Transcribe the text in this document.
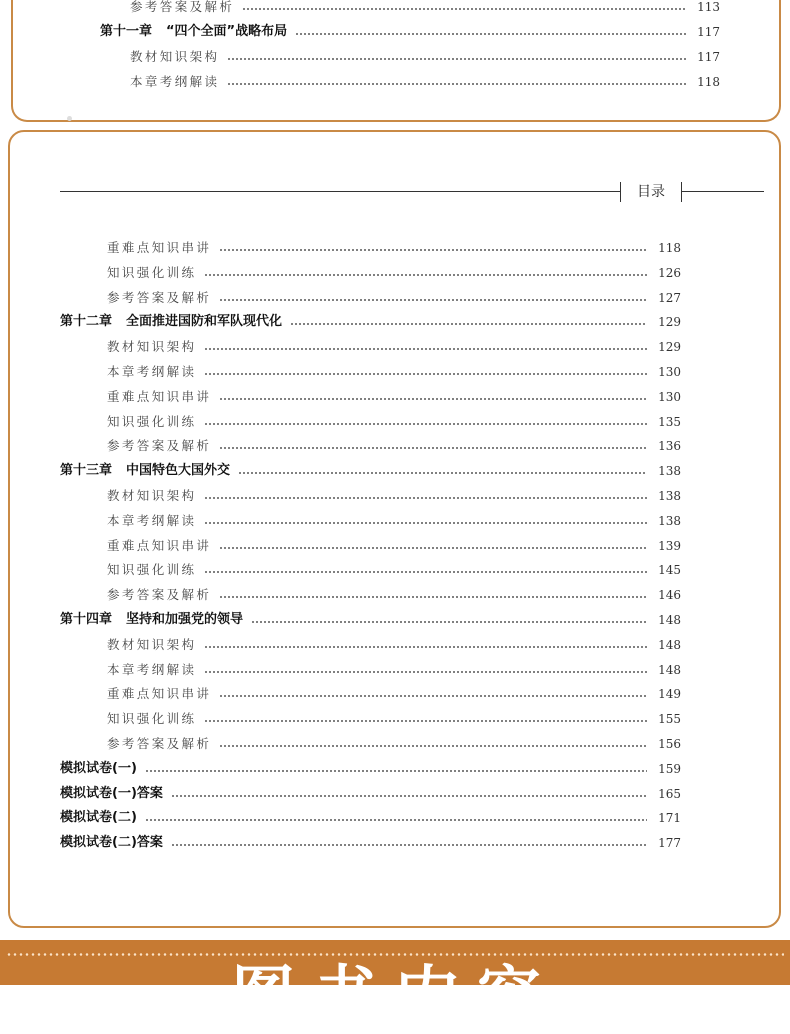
参考答案及解析	113
第十一章 “四个全面”战略布局	117
教材知识架构	117
本章考纲解读	118
目录
重难点知识串讲	118
知识强化训练	126
参考答案及解析	127
第十二章 全面推进国防和军队现代化	129
教材知识架构	129
本章考纲解读	130
重难点知识串讲	130
知识强化训练	135
参考答案及解析	136
第十三章 中国特色大国外交	138
教材知识架构	138
本章考纲解读	138
重难点知识串讲	139
知识强化训练	145
参考答案及解析	146
第十四章 坚持和加强党的领导	148
教材知识架构	148
本章考纲解读	148
重难点知识串讲	149
知识强化训练	155
参考答案及解析	156
模拟试卷(一)	159
模拟试卷(一)答案	165
模拟试卷(二)	171
模拟试卷(二)答案	177
图书内容
